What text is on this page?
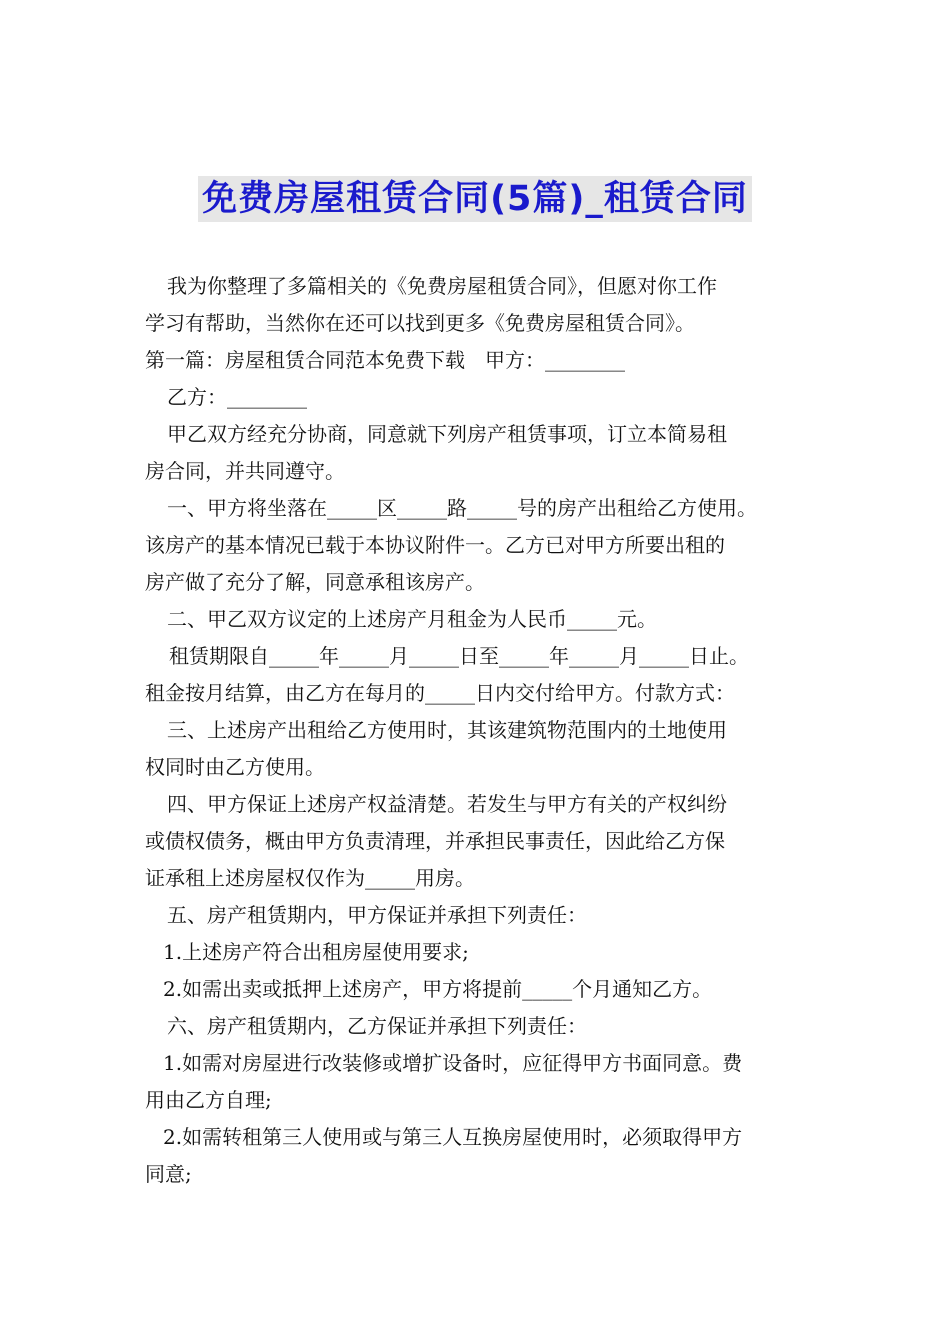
免费房屋租赁合同(5篇)_租赁合同

我为你整理了多篇相关的《免费房屋租赁合同》，但愿对你工作

学习有帮助，当然你在还可以找到更多《免费房屋租赁合同》。

第一篇：房屋租赁合同范本免费下载　甲方：________

乙方：________

甲乙双方经充分协商，同意就下列房产租赁事项，订立本简易租

房合同，并共同遵守。

一、甲方将坐落在_____区_____路_____号的房产出租给乙方使用。

该房产的基本情况已载于本协议附件一。乙方已对甲方所要出租的

房产做了充分了解，同意承租该房产。

二、甲乙双方议定的上述房产月租金为人民币_____元。

租赁期限自_____年_____月_____日至_____年_____月_____日止。

租金按月结算，由乙方在每月的_____日内交付给甲方。付款方式：

三、上述房产出租给乙方使用时，其该建筑物范围内的土地使用

权同时由乙方使用。

四、甲方保证上述房产权益清楚。若发生与甲方有关的产权纠纷

或债权债务，概由甲方负责清理，并承担民事责任，因此给乙方保

证承租上述房屋权仅作为_____用房。

五、房产租赁期内，甲方保证并承担下列责任：

1.上述房产符合出租房屋使用要求;

2.如需出卖或抵押上述房产，甲方将提前_____个月通知乙方。

六、房产租赁期内，乙方保证并承担下列责任：

1.如需对房屋进行改装修或增扩设备时，应征得甲方书面同意。费

用由乙方自理;

2.如需转租第三人使用或与第三人互换房屋使用时，必须取得甲方

同意;
